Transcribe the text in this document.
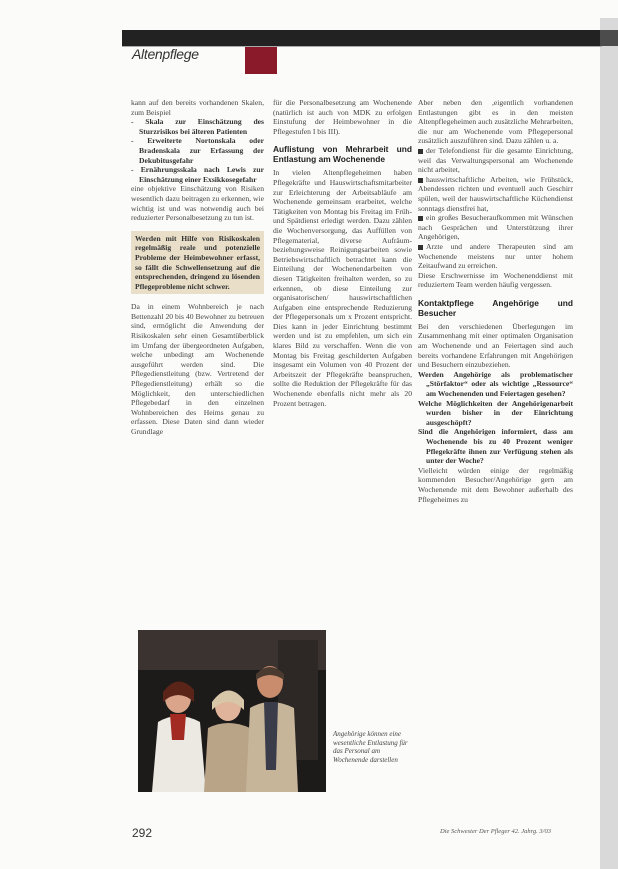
Altenpflege

kann auf den bereits vorhandenen Skalen, zum Beispiel

- Skala zur Einschätzung des Sturzrisikos bei älteren Patienten

- Erweiterte Nortonskala oder Bradenskala zur Erfassung der Dekubitusgefahr

- Ernährungsskala nach Lewis zur Einschätzung einer Exsikkosegefahr

eine objektive Einschätzung von Risiken wesentlich dazu beitragen zu erkennen, wie wichtig ist und was notwendig auch bei reduzierter Personalbesetzung zu tun ist.

Werden mit Hilfe von Risikoskalen regelmäßig reale und potenzielle Probleme der Heimbewohner erfasst, so fällt die Schwellensetzung auf die entsprechenden, dringend zu lösenden Pflegeprobleme nicht schwer.

Da in einem Wohnbereich je nach Bettenzahl 20 bis 40 Bewohner zu betreuen sind, ermöglicht die Anwendung der Risikoskalen sehr einen Gesamtüberblick im Umfang der übergeordneten Aufgaben, welche unbedingt am Wochenende ausgeführt werden sind. Die Pflegedienstleitung (bzw. Vertretend der Pflegedienstleitung) erhält so die Möglichkeit, den unterschiedlichen Pflegebedarf in den einzelnen Wohnbereichen des Heims genau zu erfassen. Diese Daten sind dann wieder Grundlage

für die Personalbesetzung am Wochenende (natürlich ist auch von MDK zu erfolgen Einstufung der Heimbewohner in die Pflegestufen I bis III).

Auflistung von Mehrarbeit und Entlastung am Wochenende

In vielen Altenpflegeheimen haben Pflegekräfte und Hauswirtschaftsmitarbeiter zur Erleichterung der Arbeitsabläufe am Wochenende gemeinsam erarbeitet, welche Tätigkeiten von Montag bis Freitag im Früh- und Spätdienst erledigt werden. Dazu zählen die Wochenversorgung, das Auffüllen von Pflegematerial, diverse Aufräum- beziehungsweise Reinigungsarbeiten sowie Betriebswirtschaftlich betrachtet kann die Einteilung der Wochenendarbeiten von diesen Tätigkeiten freihalten werden, so zu erkennen, ob diese Einteilung zur organisatorischen/ hauswirtschaftlichen Aufgaben eine entsprechende Reduzierung der Pflegepersonals um x Prozent entspricht. Dies kann in jeder Einrichtung bestimmt werden und ist zu empfehlen, um sich ein klares Bild zu verschaffen. Wenn die von Montag bis Freitag geschilderten Aufgaben insgesamt ein Volumen von 40 Prozent der Arbeitszeit der Pflegekräfte beanspruchen, sollte die Reduktion der Pflegekräfte für das Wochenende ebenfalls nicht mehr als 20 Prozent betragen.

Aber neben den ,eigentlich vorhandenen Entlastungen gibt es in den meisten Altenpflegeheimen auch zusätzliche Mehrarbeiten, die nur am Wochenende vom Pflegepersonal zusätzlich auszuführen sind. Dazu zählen u. a.

der Telefondienst für die gesamte Einrichtung, weil das Verwaltungspersonal am Wochenende nicht arbeitet,

hauswirtschaftliche Arbeiten, wie Frühstück, Abendessen richten und eventuell auch Geschirr spülen, weil der hauswirtschaftliche Küchendienst sonntags dienstfrei hat,

ein großes Besucheraufkommen mit Wünschen nach Gesprächen und Unterstützung ihrer Angehörigen,

Arzte und andere Therapeuten sind am Wochenende meistens nur unter hohem Zeitaufwand zu erreichen.

Diese Erschwernisse im Wochenenddienst mit reduziertem Team werden häufig vergessen.

Kontaktpflege Angehörige und Besucher

Bei den verschiedenen Überlegungen im Zusammenhang mit einer optimalen Organisation am Wochenende und an Feiertagen sind auch bereits vorhandene Erfahrungen mit Angehörigen und Besuchern einzubeziehen.

Werden Angehörige als problematischer „Störfaktor“ oder als wichtige „Ressource“ am Wochenenden und Feiertagen gesehen?

Welche Möglichkeiten der Angehörigenarbeit wurden bisher in der Einrichtung ausgeschöpft?

Sind die Angehörigen informiert, dass am Wochenende bis zu 40 Prozent weniger Pflegekräfte ihnen zur Verfügung stehen als unter der Woche?

Vielleicht würden einige der regelmäßig kommenden Besucher/Angehörige gern am Wochenende mit dem Bewohner außerhalb des Pflegeheimes zu

Angehörige können eine wesentliche Entlastung für das Personal am Wochenende darstellen
292	Die Schwester Der Pfleger 42. Jahrg. 3/03
